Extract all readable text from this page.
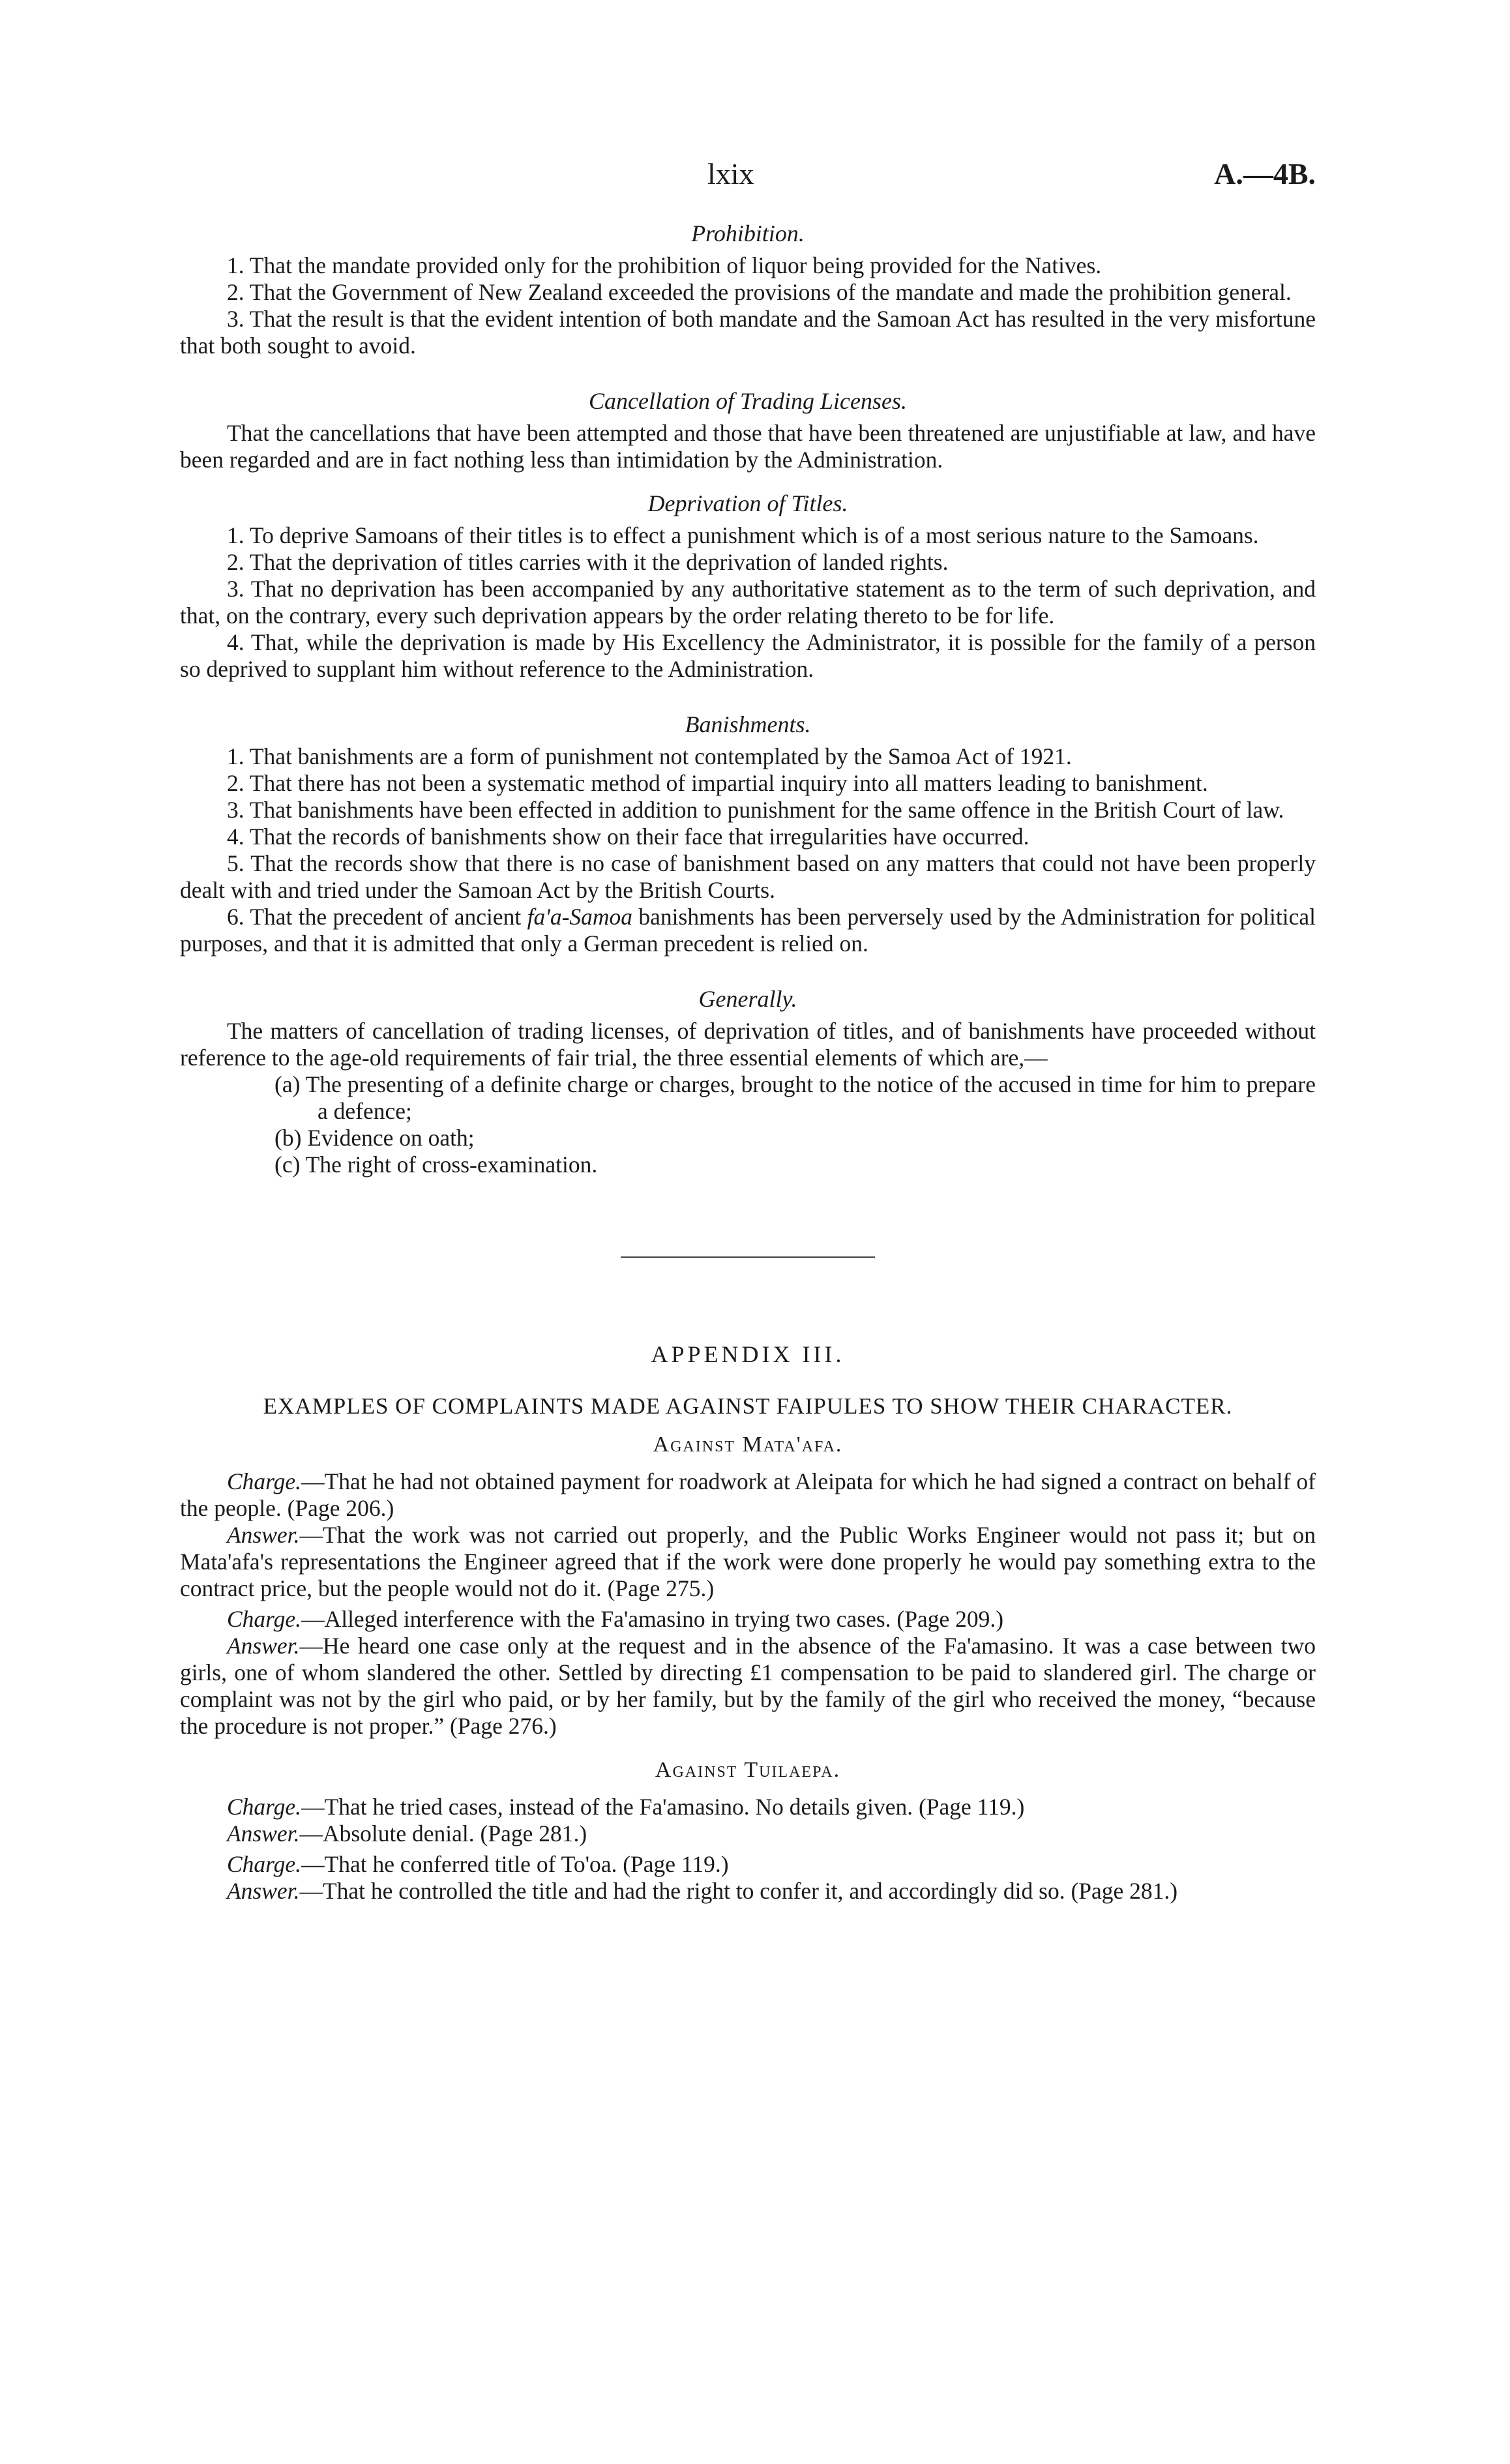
lxix	A.—4B.

Prohibition.

1. That the mandate provided only for the prohibition of liquor being provided for the Natives.

2. That the Government of New Zealand exceeded the provisions of the mandate and made the prohibition general.

3. That the result is that the evident intention of both mandate and the Samoan Act has resulted in the very misfortune that both sought to avoid.

Cancellation of Trading Licenses.

That the cancellations that have been attempted and those that have been threatened are unjustifiable at law, and have been regarded and are in fact nothing less than intimidation by the Administration.

Deprivation of Titles.

1. To deprive Samoans of their titles is to effect a punishment which is of a most serious nature to the Samoans.

2. That the deprivation of titles carries with it the deprivation of landed rights.

3. That no deprivation has been accompanied by any authoritative statement as to the term of such deprivation, and that, on the contrary, every such deprivation appears by the order relating thereto to be for life.

4. That, while the deprivation is made by His Excellency the Administrator, it is possible for the family of a person so deprived to supplant him without reference to the Administration.

Banishments.

1. That banishments are a form of punishment not contemplated by the Samoa Act of 1921.

2. That there has not been a systematic method of impartial inquiry into all matters leading to banishment.

3. That banishments have been effected in addition to punishment for the same offence in the British Court of law.

4. That the records of banishments show on their face that irregularities have occurred.

5. That the records show that there is no case of banishment based on any matters that could not have been properly dealt with and tried under the Samoan Act by the British Courts.

6. That the precedent of ancient fa'a-Samoa banishments has been perversely used by the Administration for political purposes, and that it is admitted that only a German precedent is relied on.

Generally.

The matters of cancellation of trading licenses, of deprivation of titles, and of banishments have proceeded without reference to the age-old requirements of fair trial, the three essential elements of which are,—

(a) The presenting of a definite charge or charges, brought to the notice of the accused in time for him to prepare a defence;

(b) Evidence on oath;

(c) The right of cross-examination.

APPENDIX III.

EXAMPLES OF COMPLAINTS MADE AGAINST FAIPULES TO SHOW THEIR CHARACTER.

Against Mata'afa.

Charge.—That he had not obtained payment for roadwork at Aleipata for which he had signed a contract on behalf of the people. (Page 206.)

Answer.—That the work was not carried out properly, and the Public Works Engineer would not pass it; but on Mata'afa's representations the Engineer agreed that if the work were done properly he would pay something extra to the contract price, but the people would not do it. (Page 275.)

Charge.—Alleged interference with the Fa'amasino in trying two cases. (Page 209.)

Answer.—He heard one case only at the request and in the absence of the Fa'amasino. It was a case between two girls, one of whom slandered the other. Settled by directing £1 compensation to be paid to slandered girl. The charge or complaint was not by the girl who paid, or by her family, but by the family of the girl who received the money, “because the procedure is not proper.” (Page 276.)

Against Tuilaepa.

Charge.—That he tried cases, instead of the Fa'amasino. No details given. (Page 119.)

Answer.—Absolute denial. (Page 281.)

Charge.—That he conferred title of To'oa. (Page 119.)

Answer.—That he controlled the title and had the right to confer it, and accordingly did so. (Page 281.)
